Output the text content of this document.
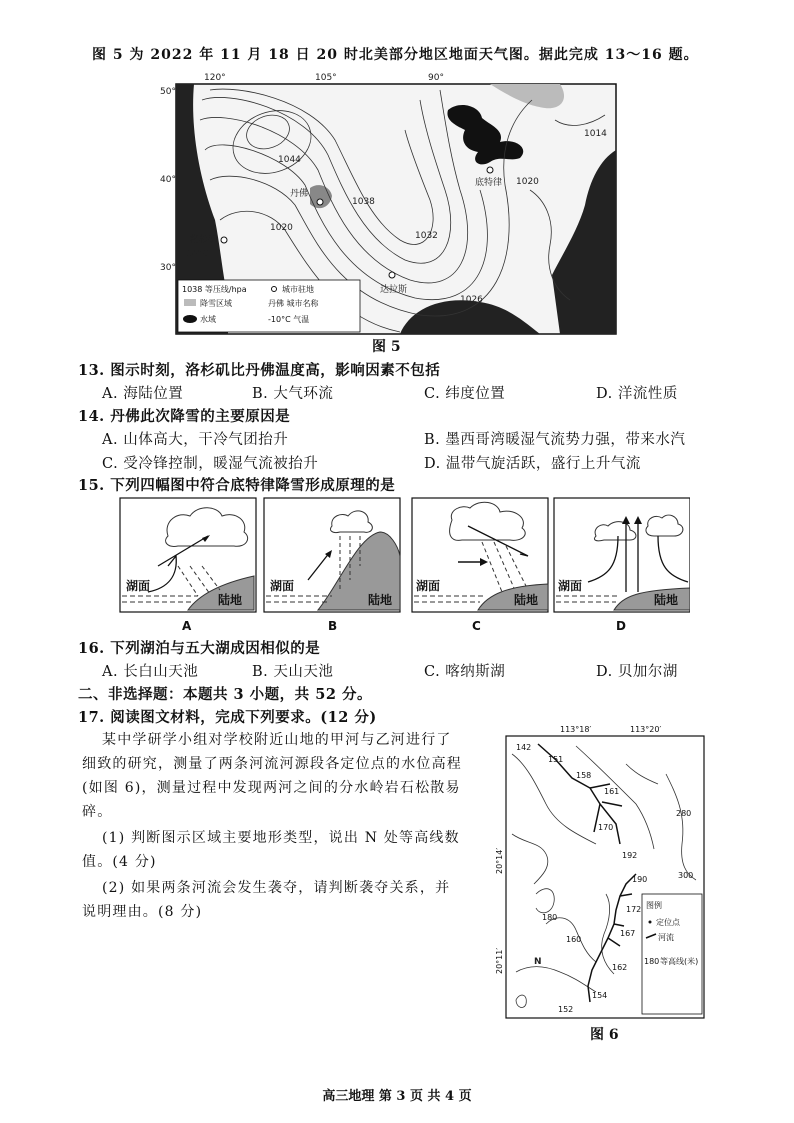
图 5 为 2022 年 11 月 18 日 20 时北美部分地区地面天气图。据此完成 13～16 题。
120°	105°	90°
50°
40°
30°
1044
1038
1032
1026
1020
1020
1014
丹佛
洛杉矶
14°C
达拉斯
底特律
1038 等压线/hpa
降雪区域
水域
城市驻地
丹佛 城市名称
-10°C 气温
图 5
13. 图示时刻，洛杉矶比丹佛温度高，影响因素不包括
A. 海陆位置	B. 大气环流	C. 纬度位置	D. 洋流性质
14. 丹佛此次降雪的主要原因是
A. 山体高大，干冷气团抬升	B. 墨西哥湾暖湿气流势力强，带来水汽
C. 受冷锋控制，暖湿气流被抬升	D. 温带气旋活跃，盛行上升气流
15. 下列四幅图中符合底特律降雪形成原理的是
湖面
陆地
湖面
陆地
湖面
陆地
湖面
陆地
A	B	C	D
16. 下列湖泊与五大湖成因相似的是
A. 长白山天池	B. 天山天池	C. 喀纳斯湖	D. 贝加尔湖
二、非选择题：本题共 3 小题，共 52 分。
17. 阅读图文材料，完成下列要求。(12 分)
某中学研学小组对学校附近山地的甲河与乙河进行了
细致的研究，测量了两条河流河源段各定位点的水位高程
(如图 6)，测量过程中发现两河之间的分水岭岩石松散易
碎。
(1) 判断图示区域主要地形类型，说出 N 处等高线数
值。(4 分)
(2) 如果两条河流会发生袭夺，请判断袭夺关系，并
说明理由。(8 分)
113°18′	113°20′
20°14′
20°11′
142
151
158
161
170
192
280
300
190
172
167
160
162
154
152
180
N
图例
定位点
河流
180 等高线(米)
图 6
高三地理 第 3 页 共 4 页
